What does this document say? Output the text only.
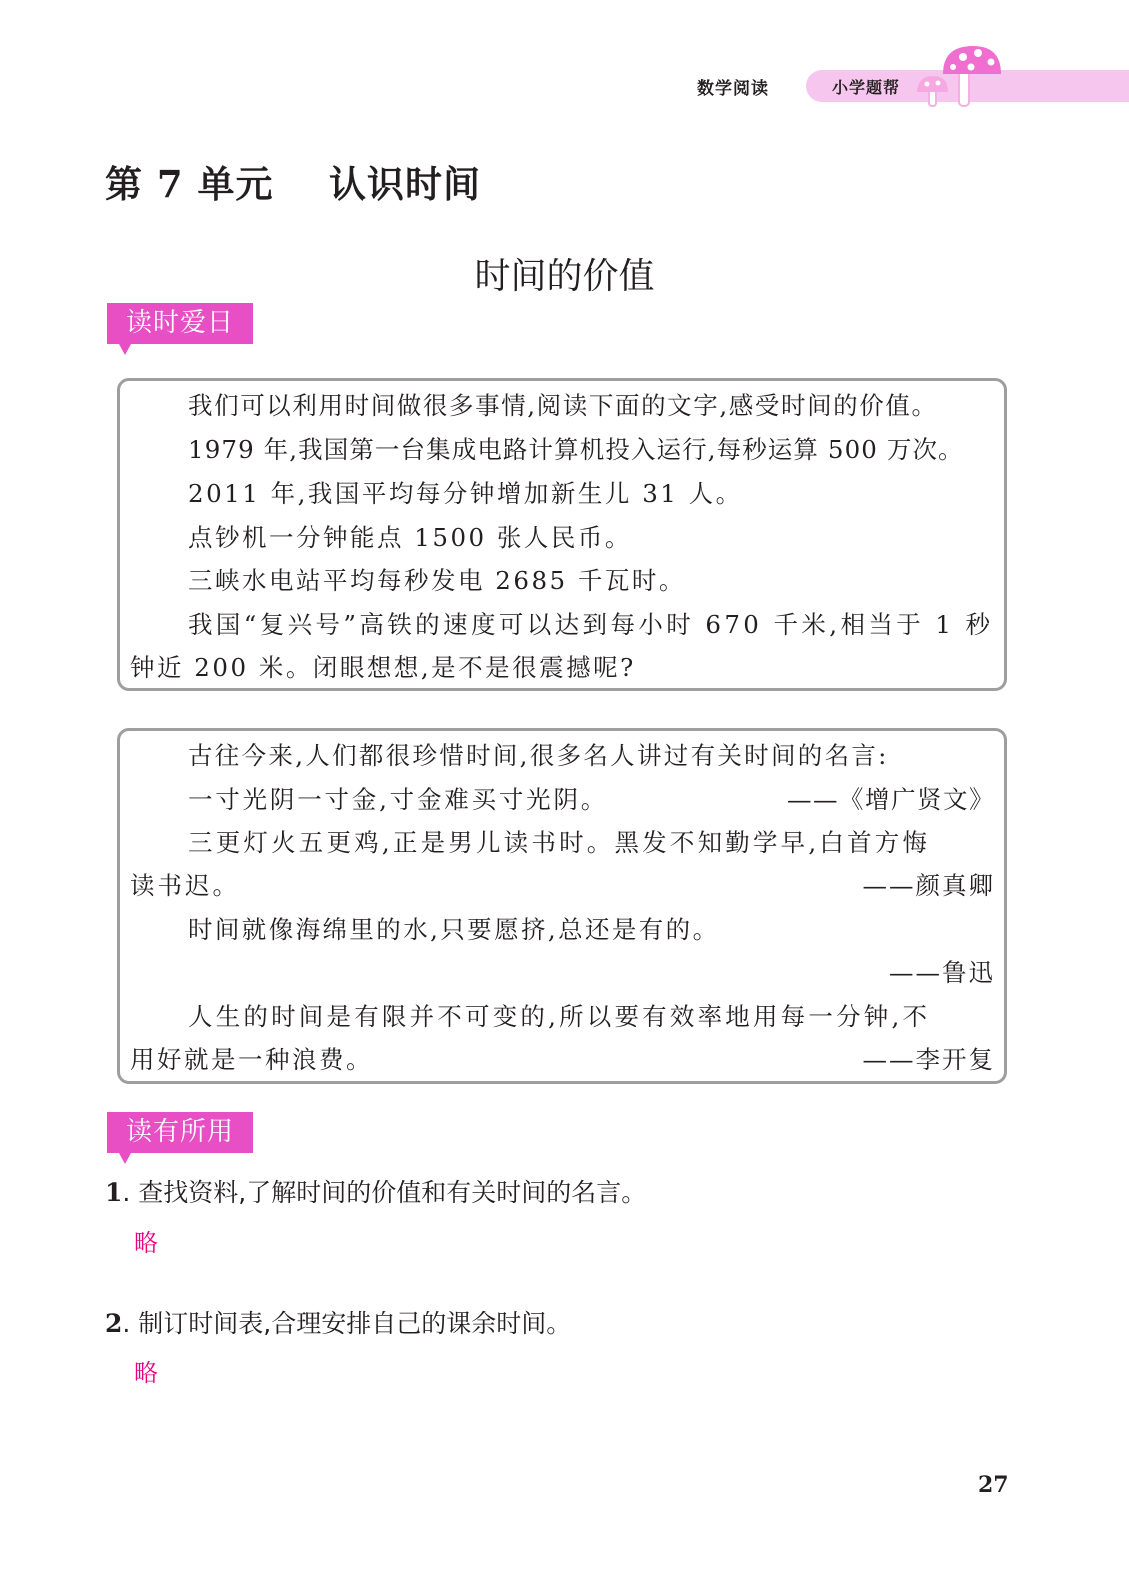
数学阅读	小学题帮
第 7 单元    认识时间
时间的价值
读时爱日
我们可以利用时间做很多事情,阅读下面的文字,感受时间的价值。
1979 年,我国第一台集成电路计算机投入运行,每秒运算 500 万次。
2011 年,我国平均每分钟增加新生儿 31 人。
点钞机一分钟能点 1500 张人民币。
三峡水电站平均每秒发电 2685 千瓦时。
我国“复兴号”高铁的速度可以达到每小时 670 千米,相当于 1 秒
钟近 200 米。闭眼想想,是不是很震撼呢?
古往今来,人们都很珍惜时间,很多名人讲过有关时间的名言:
一寸光阴一寸金,寸金难买寸光阴。	——《增广贤文》
三更灯火五更鸡,正是男儿读书时。黑发不知勤学早,白首方悔
读书迟。	——颜真卿
时间就像海绵里的水,只要愿挤,总还是有的。
——鲁迅
人生的时间是有限并不可变的,所以要有效率地用每一分钟,不
用好就是一种浪费。	——李开复
读有所用
1. 查找资料,了解时间的价值和有关时间的名言。
略
2. 制订时间表,合理安排自己的课余时间。
略
27
